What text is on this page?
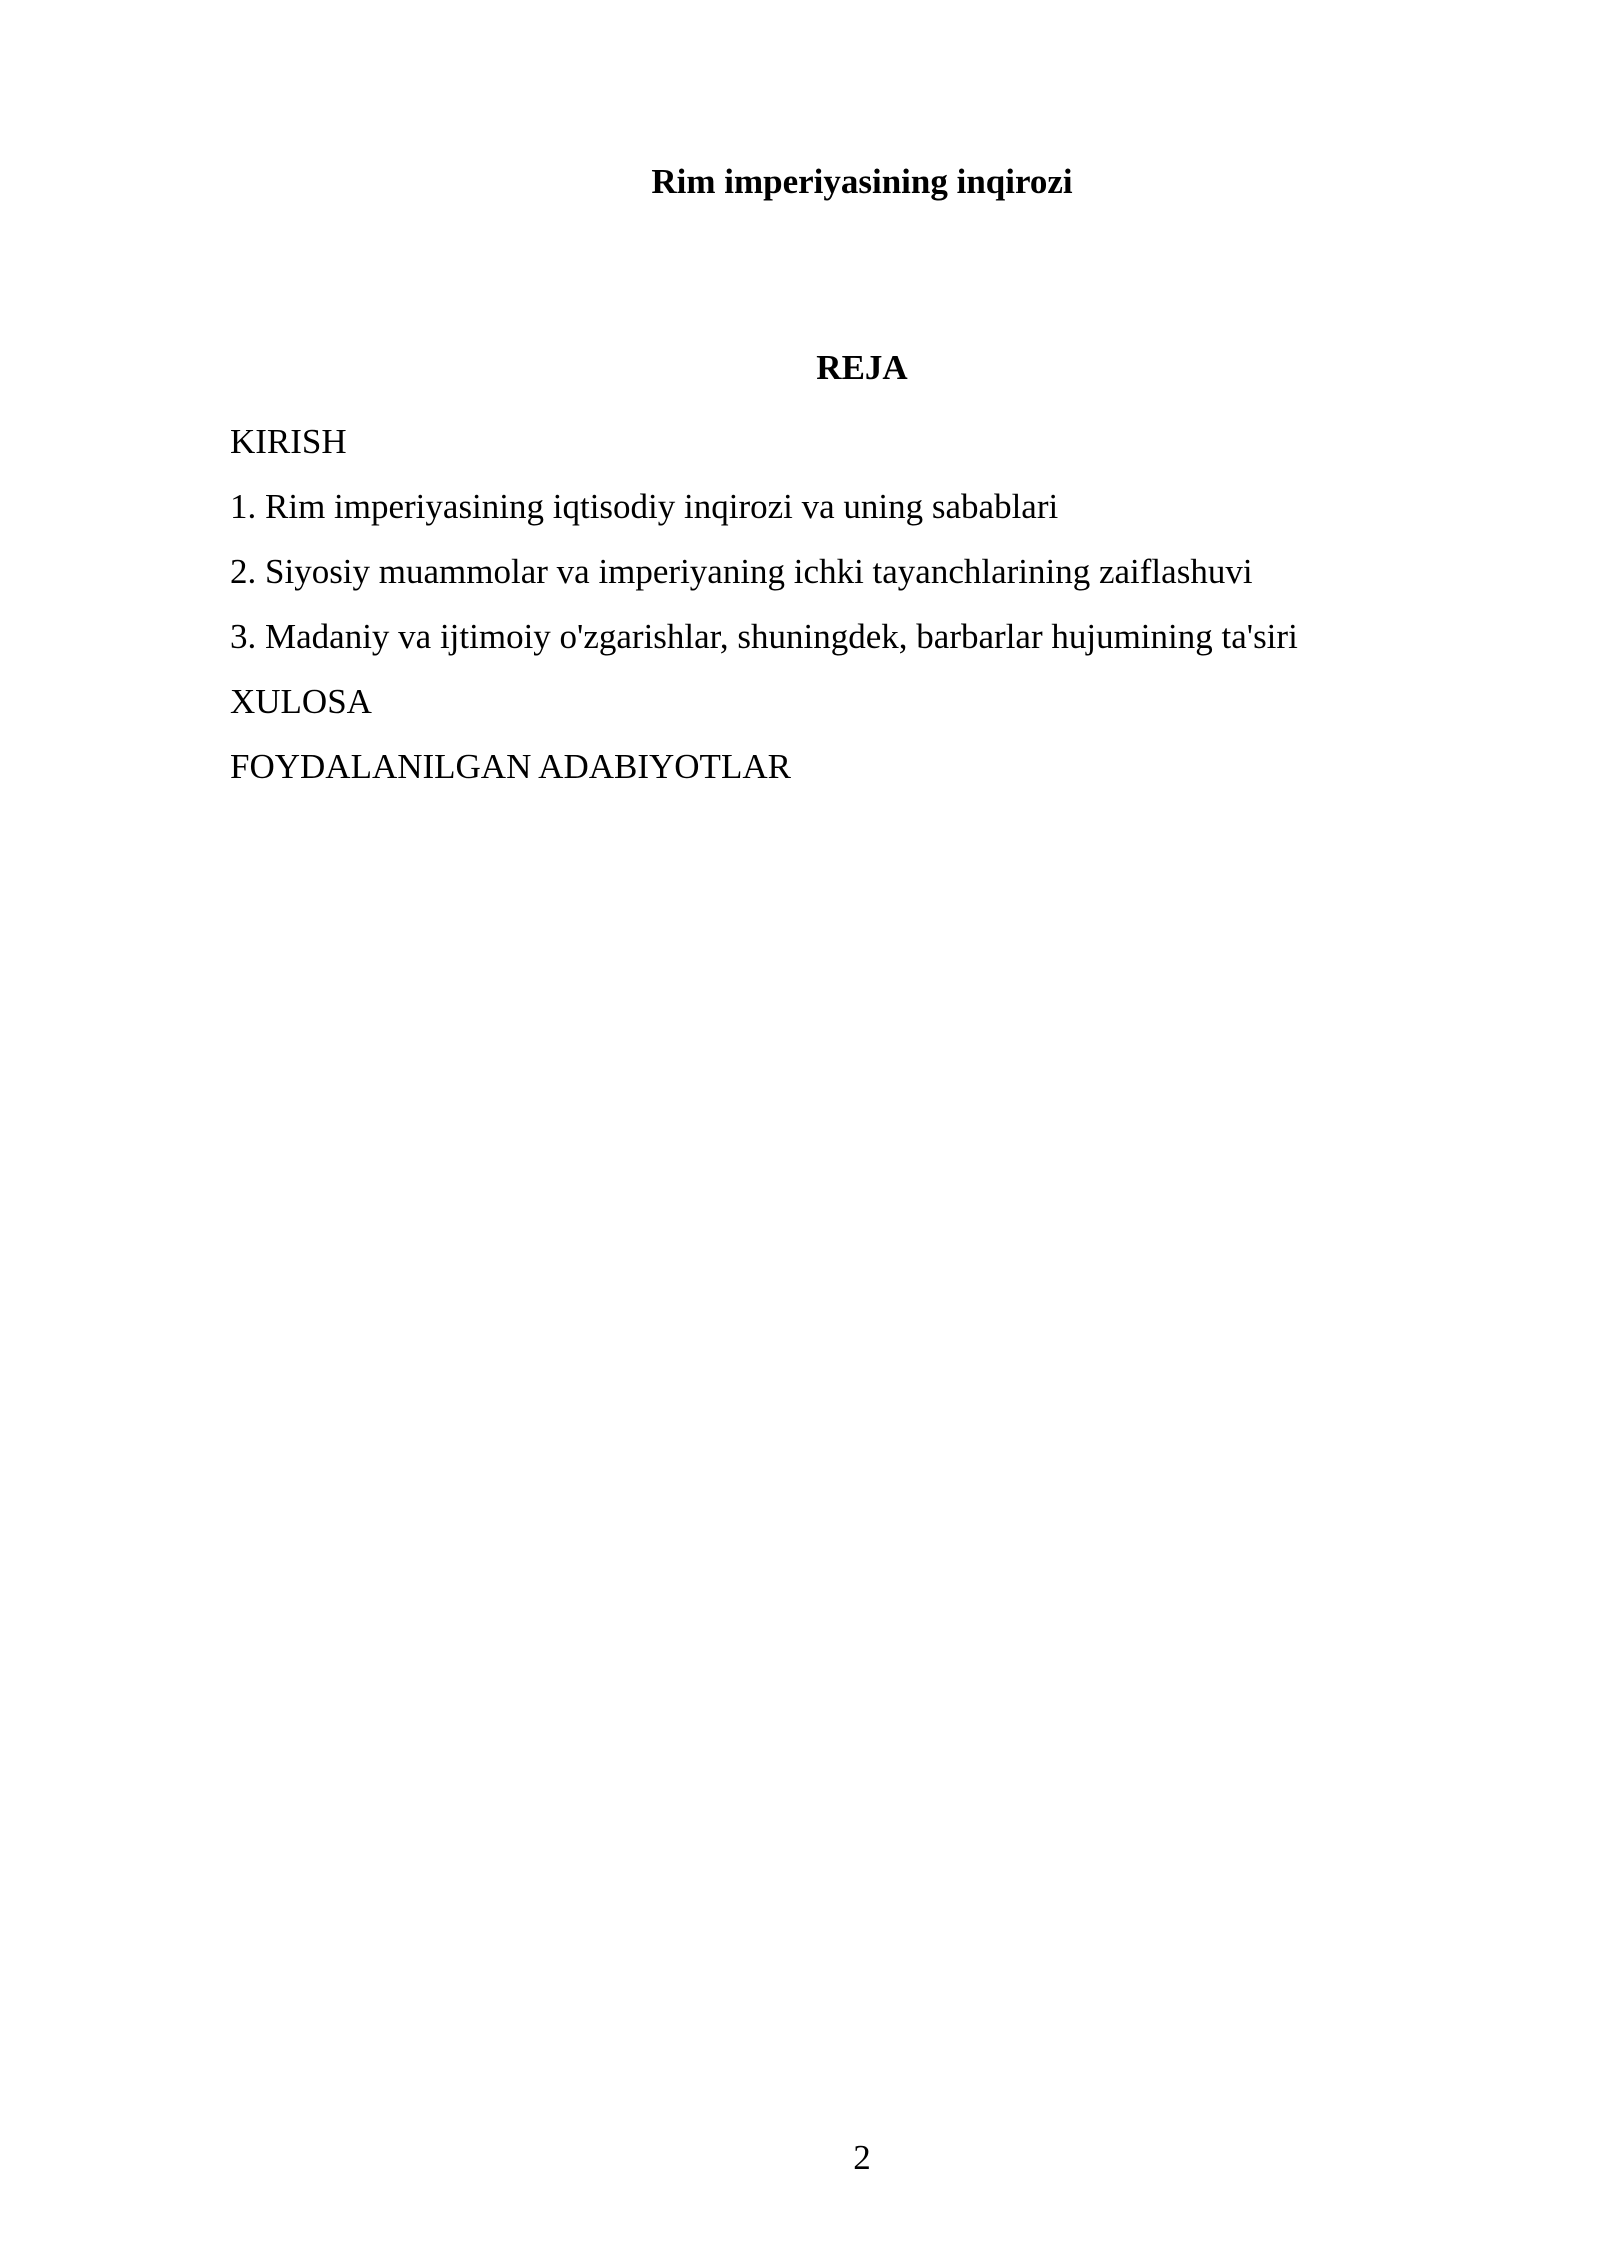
Rim imperiyasining inqirozi
REJA
KIRISH
1. Rim imperiyasining iqtisodiy inqirozi va uning sabablari
2. Siyosiy muammolar va imperiyaning ichki tayanchlarining zaiflashuvi
3. Madaniy va ijtimoiy o'zgarishlar, shuningdek, barbarlar hujumining ta'siri
XULOSA
FOYDALANILGAN ADABIYOTLAR
2
